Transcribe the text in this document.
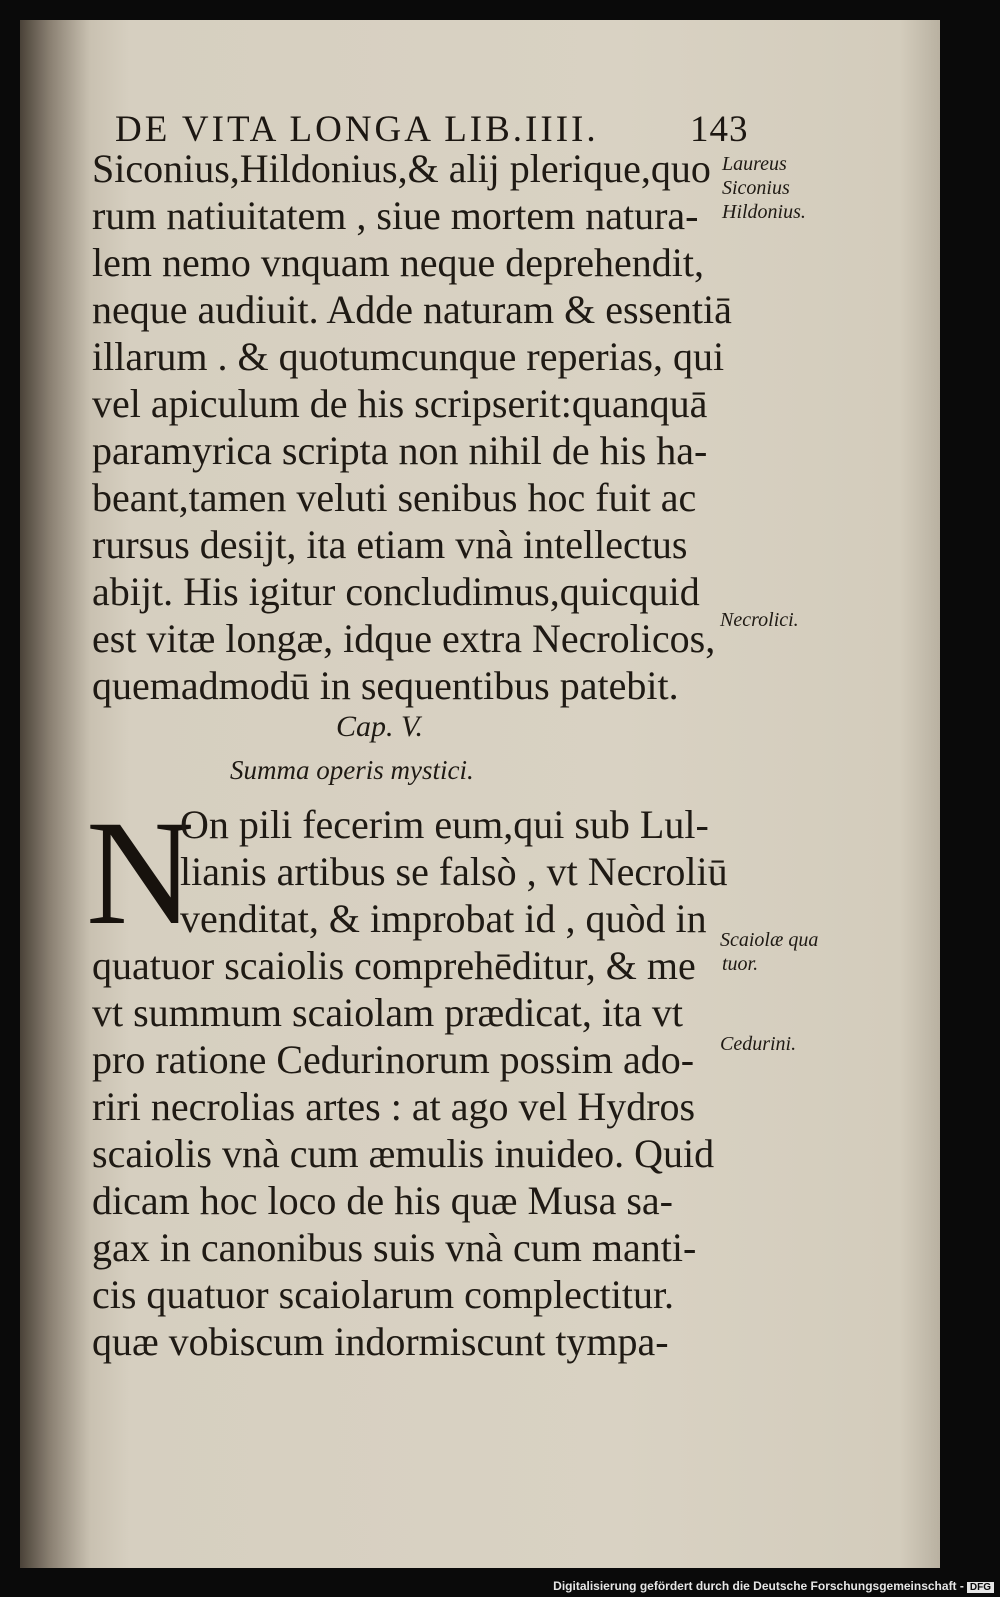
DE VITA LONGA LIB.IIII. 143
Siconius,Hildonius,& alij plerique,quo
rum natiuitatem , siue mortem natura-
lem nemo vnquam neque deprehendit,
neque audiuit. Adde naturam & essentiā
illarum . & quotumcunque reperias, qui
vel apiculum de his scripserit:quanquā
paramyrica scripta non nihil de his ha-
beant,tamen veluti senibus hoc fuit ac
rursus desijt, ita etiam vnà intellectus
abijt. His igitur concludimus,quicquid
est vitæ longæ, idque extra Necrolicos,
quemadmodū in sequentibus patebit.
Cap. V.
Summa operis mystici.
N
On pili fecerim eum,qui sub Lul-
lianis artibus se falsò , vt Necroliū
venditat, & improbat id , quòd in
quatuor scaiolis comprehēditur, & me
vt summum scaiolam prædicat, ita vt
pro ratione Cedurinorum possim ado-
riri necrolias artes : at ago vel Hydros
scaiolis vnà cum æmulis inuideo. Quid
dicam hoc loco de his quæ Musa sa-
gax in canonibus suis vnà cum manti-
cis quatuor scaiolarum complectitur.
quæ vobiscum indormiscunt tympa-
Laureus
Siconius
Hildonius.
Necrolici.
Scaiolæ qua
tuor.
Cedurini.
Digitalisierung gefördert durch die Deutsche Forschungsgemeinschaft - DFG
